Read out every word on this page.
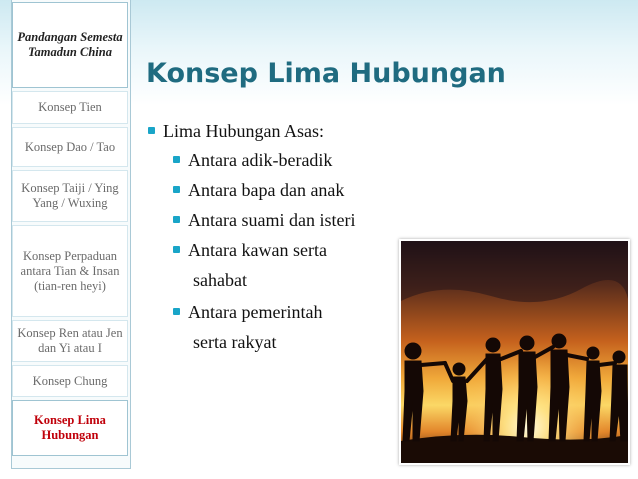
Pandangan Semesta Tamadun China
Konsep Tien
Konsep Dao / Tao
Konsep Taiji / Ying Yang / Wuxing
Konsep Perpaduan antara Tian & Insan (tian-ren heyi)
Konsep Ren atau Jen dan Yi atau I
Konsep Chung
Konsep Lima Hubungan
Konsep Lima Hubungan
Lima Hubungan Asas:
Antara adik-beradik
Antara bapa dan anak
Antara suami dan isteri
Antara kawan serta
sahabat
Antara pemerintah
serta rakyat
